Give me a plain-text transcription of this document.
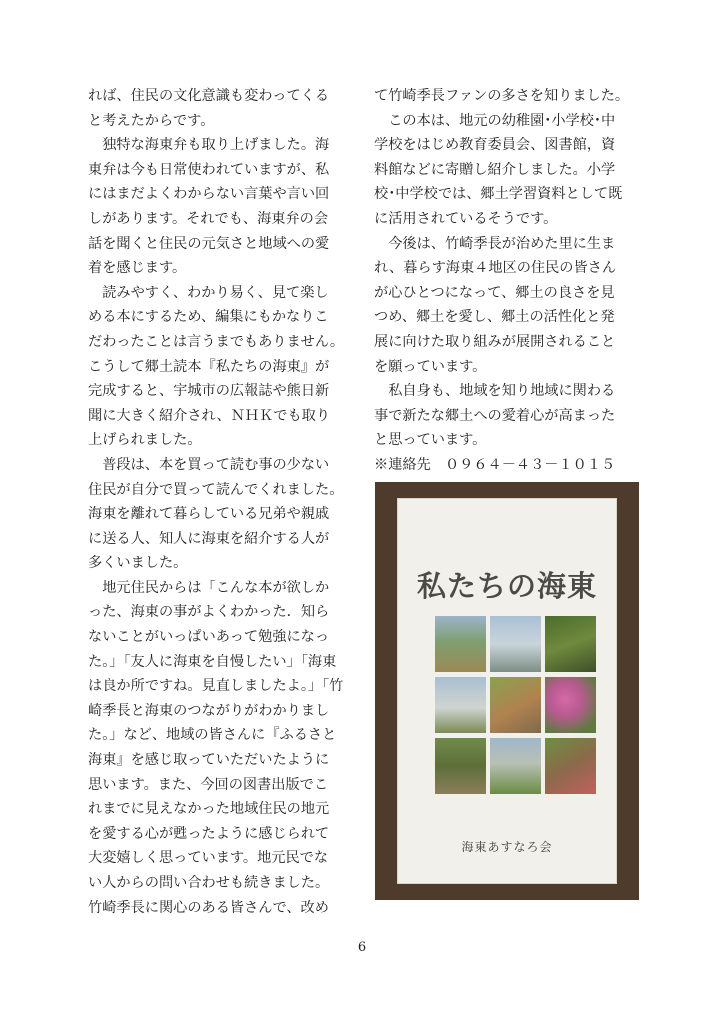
れば、住民の文化意識も変わってくる
と考えたからです。
　独特な海東弁も取り上げました。海
東弁は今も日常使われていますが、私
にはまだよくわからない言葉や言い回
しがあります。それでも、海東弁の会
話を聞くと住民の元気さと地域への愛
着を感じます。
　読みやすく、わかり易く、見て楽し
める本にするため、編集にもかなりこ
だわったことは言うまでもありません。
こうして郷土読本『私たちの海東』が
完成すると、宇城市の広報誌や熊日新
聞に大きく紹介され、ＮＨＫでも取り
上げられました。
　普段は、本を買って読む事の少ない
住民が自分で買って読んでくれました。
海東を離れて暮らしている兄弟や親戚
に送る人、知人に海東を紹介する人が
多くいました。
　地元住民からは「こんな本が欲しか
った、海東の事がよくわかった．知ら
ないことがいっぱいあって勉強になっ
た。」「友人に海東を自慢したい」「海東
は良か所ですね。見直しましたよ。」「竹
崎季長と海東のつながりがわかりまし
た。」など、地域の皆さんに『ふるさと
海東』を感じ取っていただいたように
思います。また、今回の図書出版でこ
れまでに見えなかった地域住民の地元
を愛する心が甦ったように感じられて
大変嬉しく思っています。地元民でな
い人からの問い合わせも続きました。
竹崎季長に関心のある皆さんで、改め
て竹崎季長ファンの多さを知りました。
　この本は、地元の幼稚園･小学校･中
学校をはじめ教育委員会、図書館，資
料館などに寄贈し紹介しました。小学
校･中学校では、郷土学習資料として既
に活用されているそうです。
　今後は、竹崎季長が治めた里に生ま
れ、暮らす海東４地区の住民の皆さん
が心ひとつになって、郷土の良さを見
つめ、郷土を愛し、郷土の活性化と発
展に向けた取り組みが展開されること
を願っています。
　私自身も、地域を知り地域に関わる
事で新たな郷土への愛着心が高まった
と思っています。
※連絡先　０９６４－４３－１０１５
私たちの海東
海東あすなろ会
6
